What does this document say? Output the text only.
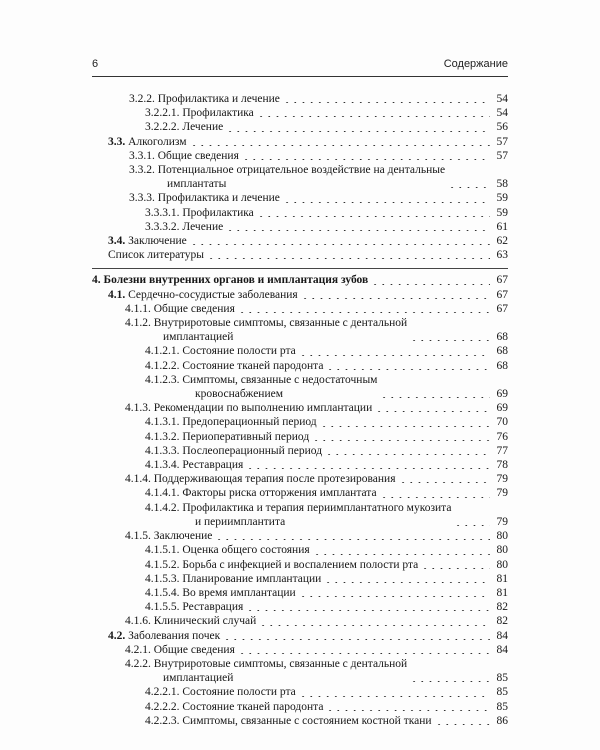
6	Содержание
3.2.2. Профилактика и лечение	54
3.2.2.1. Профилактика	54
3.2.2.2. Лечение	56
3.3. Алкоголизм	57
3.3.1. Общие сведения	57
3.3.2. Потенциальное отрицательное воздействие на дентальные
имплантаты	58
3.3.3. Профилактика и лечение	59
3.3.3.1. Профилактика	59
3.3.3.2. Лечение	61
3.4. Заключение	62
Список литературы	63
4. Болезни внутренних органов и имплантация зубов	67
4.1. Сердечно-сосудистые заболевания	67
4.1.1. Общие сведения	67
4.1.2. Внутриротовые симптомы, связанные с дентальной
имплантацией	68
4.1.2.1. Состояние полости рта	68
4.1.2.2. Состояние тканей пародонта	68
4.1.2.3. Симптомы, связанные с недостаточным
кровоснабжением	69
4.1.3. Рекомендации по выполнению имплантации	69
4.1.3.1. Предоперационный период	70
4.1.3.2. Периоперативный период	76
4.1.3.3. Послеоперационный период	77
4.1.3.4. Реставрация	78
4.1.4. Поддерживающая терапия после протезирования	79
4.1.4.1. Факторы риска отторжения имплантата	79
4.1.4.2. Профилактика и терапия периимплантатного мукозита
и периимплантита	79
4.1.5. Заключение	80
4.1.5.1. Оценка общего состояния	80
4.1.5.2. Борьба с инфекцией и воспалением полости рта	80
4.1.5.3. Планирование имплантации	81
4.1.5.4. Во время имплантации	81
4.1.5.5. Реставрация	82
4.1.6. Клинический случай	82
4.2. Заболевания почек	84
4.2.1. Общие сведения	84
4.2.2. Внутриротовые симптомы, связанные с дентальной
имплантацией	85
4.2.2.1. Состояние полости рта	85
4.2.2.2. Состояние тканей пародонта	85
4.2.2.3. Симптомы, связанные с состоянием костной ткани	86
